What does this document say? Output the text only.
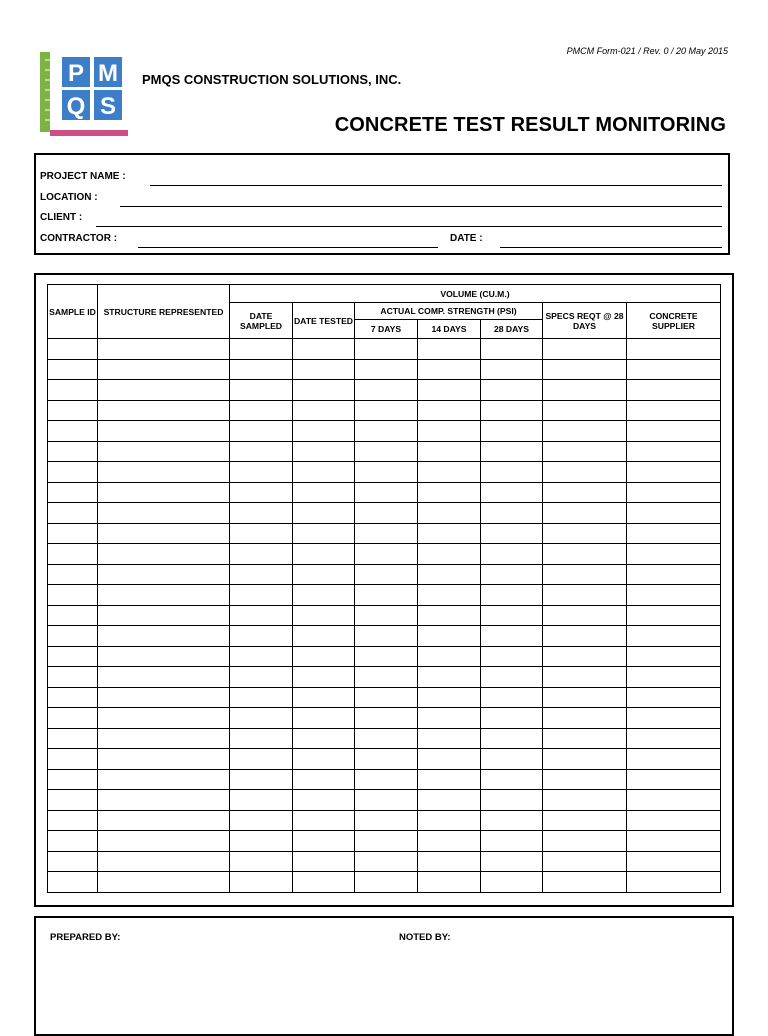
PMCM Form-021 / Rev. 0 / 20 May 2015
P M
Q S
PMQS CONSTRUCTION SOLUTIONS, INC.
CONCRETE TEST RESULT MONITORING
PROJECT NAME :
LOCATION :
CLIENT :
CONTRACTOR :	DATE :
SAMPLE ID	STRUCTURE REPRESENTED	VOLUME (CU.M.)						
		DATE SAMPLED	DATE TESTED	ACTUAL COMP. STRENGTH (PSI)			SPECS REQT @ 28 DAYS	CONCRETE SUPPLIER
				7 DAYS	14 DAYS	28 DAYS		

PREPARED BY:	NOTED BY:
